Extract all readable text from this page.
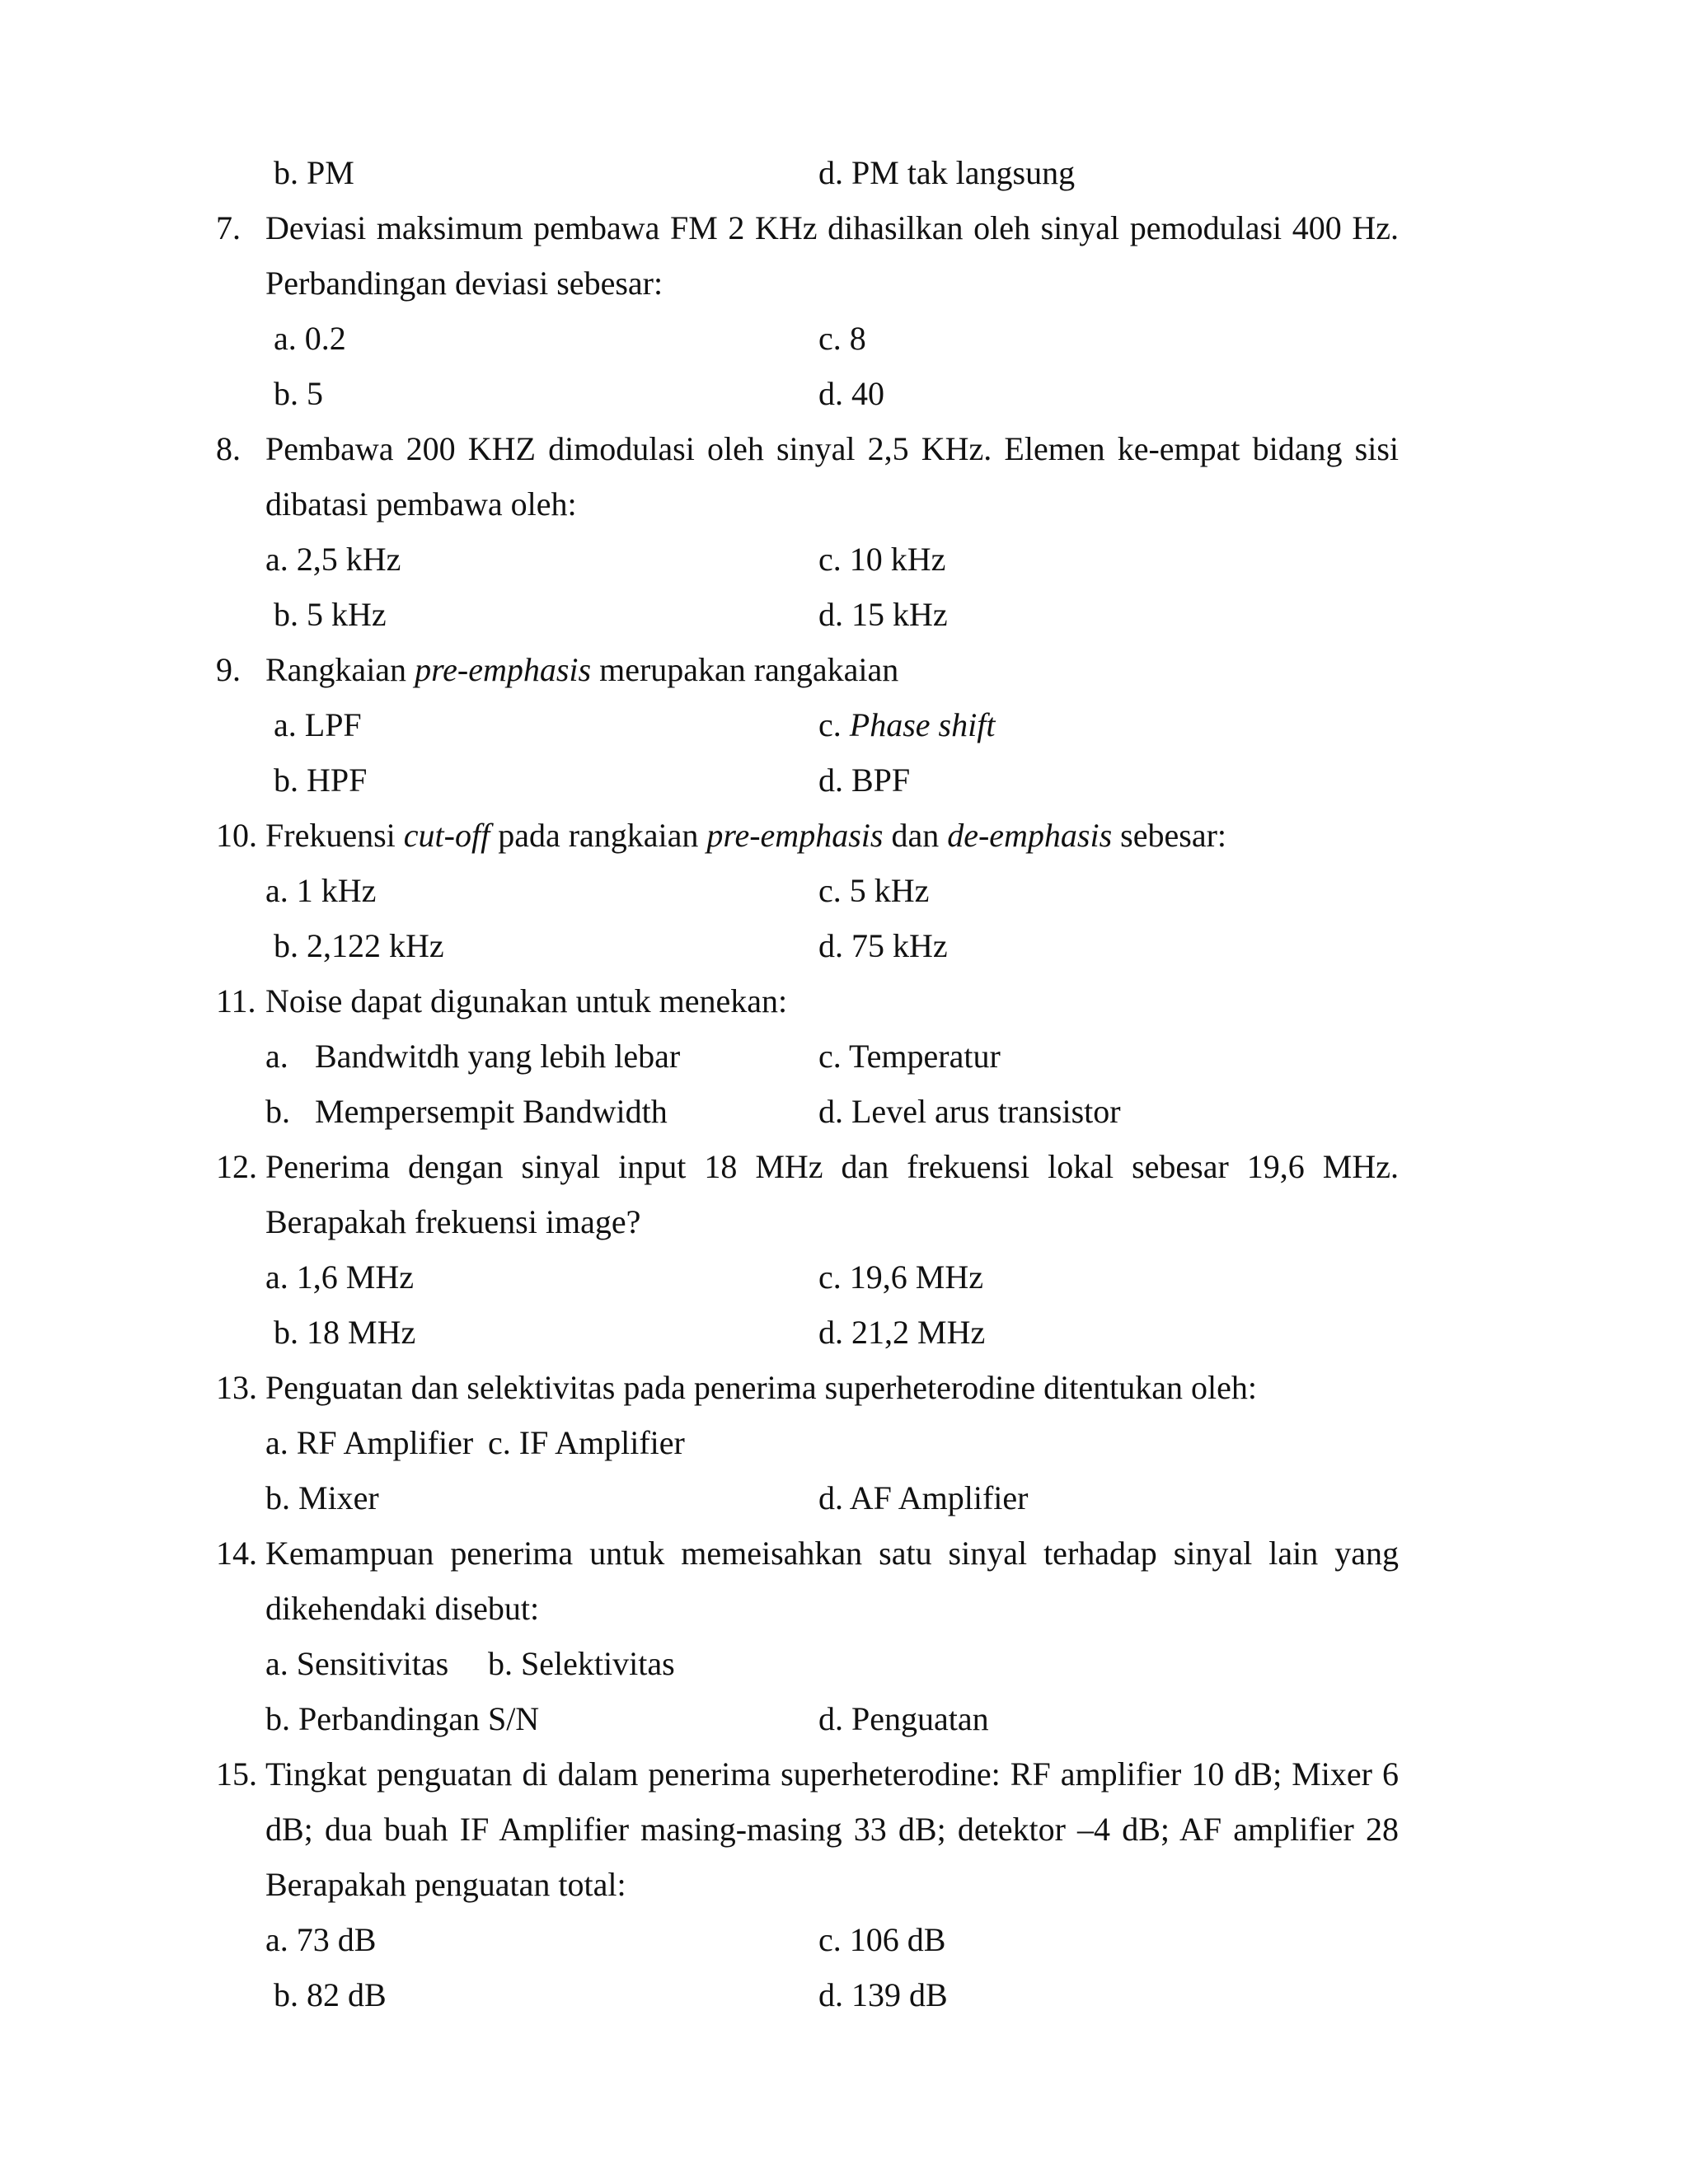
b. PM	d. PM tak langsung
7. Deviasi maksimum pembawa FM 2 KHz dihasilkan oleh sinyal pemodulasi 400 Hz.
Perbandingan deviasi sebesar:
a. 0.2	c. 8
b. 5	d. 40
8. Pembawa 200 KHZ dimodulasi oleh sinyal 2,5 KHz. Elemen ke-empat bidang sisi
dibatasi pembawa oleh:
a. 2,5 kHz	c. 10 kHz
b. 5 kHz	d. 15 kHz
9. Rangkaian pre-emphasis merupakan rangakaian
a. LPF	c. Phase shift
b. HPF	d. BPF
10. Frekuensi cut-off pada rangkaian pre-emphasis dan de-emphasis sebesar:
a. 1 kHz	c. 5 kHz
b. 2,122 kHz	d. 75 kHz
11. Noise dapat digunakan untuk menekan:
a. Bandwitdh yang lebih lebar	c. Temperatur
b. Mempersempit Bandwidth	d. Level arus transistor
12. Penerima dengan sinyal input 18 MHz dan frekuensi lokal sebesar 19,6 MHz.
Berapakah frekuensi image?
a. 1,6 MHz	c. 19,6 MHz
b. 18 MHz	d. 21,2 MHz
13. Penguatan dan selektivitas pada penerima superheterodine ditentukan oleh:
a. RF Amplifier c. IF Amplifier
b. Mixer	d. AF Amplifier
14. Kemampuan penerima untuk memeisahkan satu sinyal terhadap sinyal lain yang
dikehendaki disebut:
a. Sensitivitas b. Selektivitas
b. Perbandingan S/N	d. Penguatan
15. Tingkat penguatan di dalam penerima superheterodine: RF amplifier 10 dB; Mixer 6
dB; dua buah IF Amplifier masing-masing 33 dB; detektor –4 dB; AF amplifier 28
Berapakah penguatan total:
a. 73 dB	c. 106 dB
b. 82 dB	d. 139 dB
